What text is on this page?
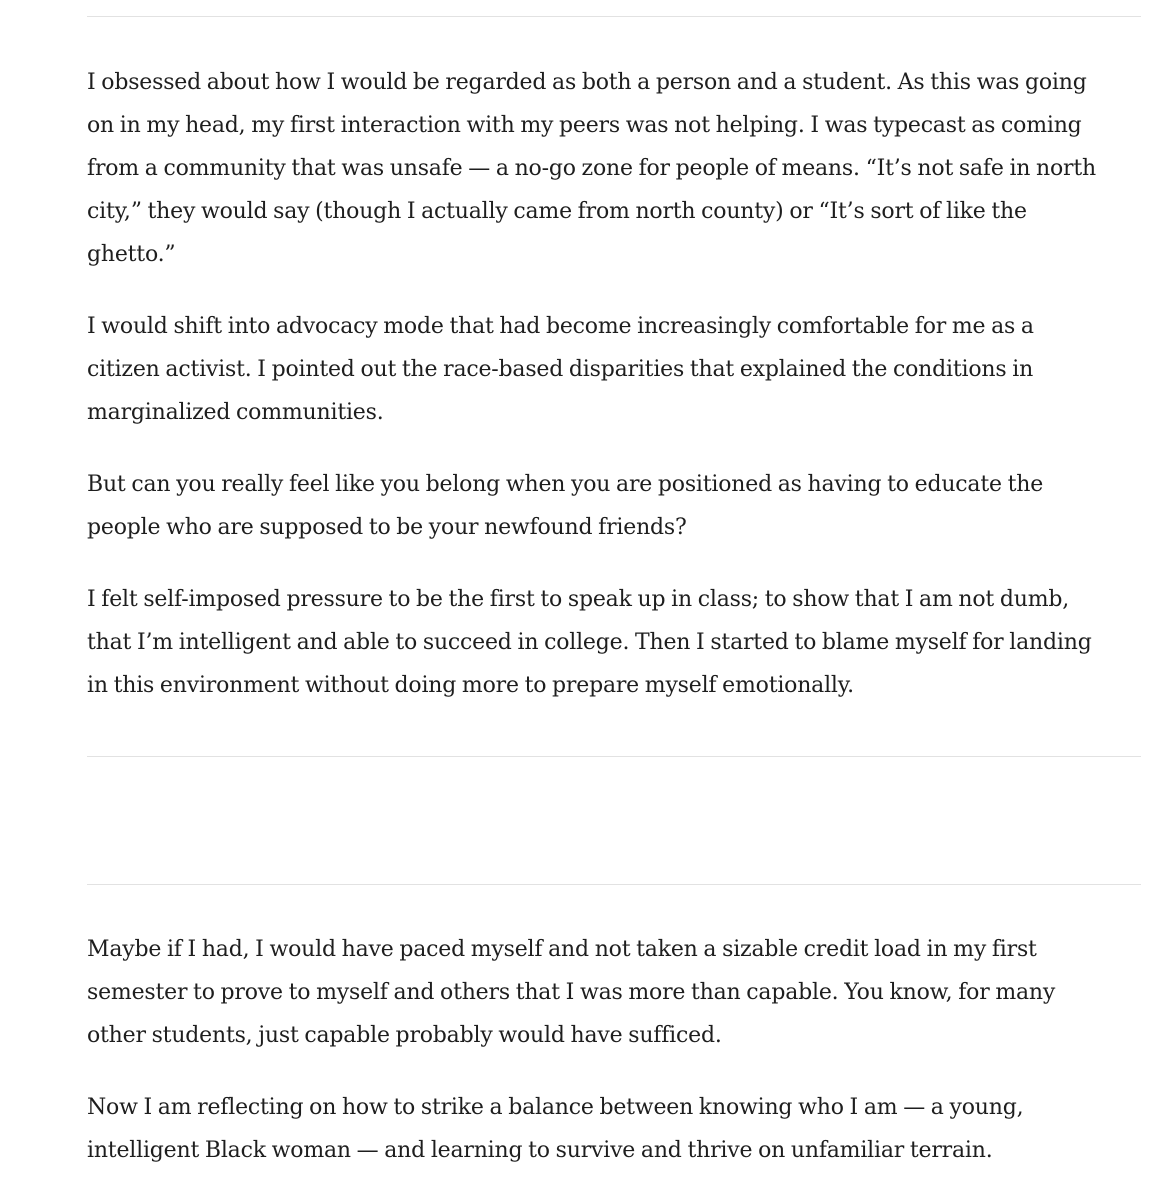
I obsessed about how I would be regarded as both a person and a student. As this was going on in my head, my first interaction with my peers was not helping. I was typecast as coming from a community that was unsafe — a no-go zone for people of means. “It’s not safe in north city,” they would say (though I actually came from north county) or “It’s sort of like the ghetto.”

I would shift into advocacy mode that had become increasingly comfortable for me as a citizen activist. I pointed out the race-based disparities that explained the conditions in marginalized communities.

But can you really feel like you belong when you are positioned as having to educate the people who are supposed to be your newfound friends?

I felt self-imposed pressure to be the first to speak up in class; to show that I am not dumb, that I’m intelligent and able to succeed in college. Then I started to blame myself for landing in this environment without doing more to prepare myself emotionally.

Maybe if I had, I would have paced myself and not taken a sizable credit load in my first semester to prove to myself and others that I was more than capable. You know, for many other students, just capable probably would have sufficed.

Now I am reflecting on how to strike a balance between knowing who I am — a young, intelligent Black woman — and learning to survive and thrive on unfamiliar terrain.
